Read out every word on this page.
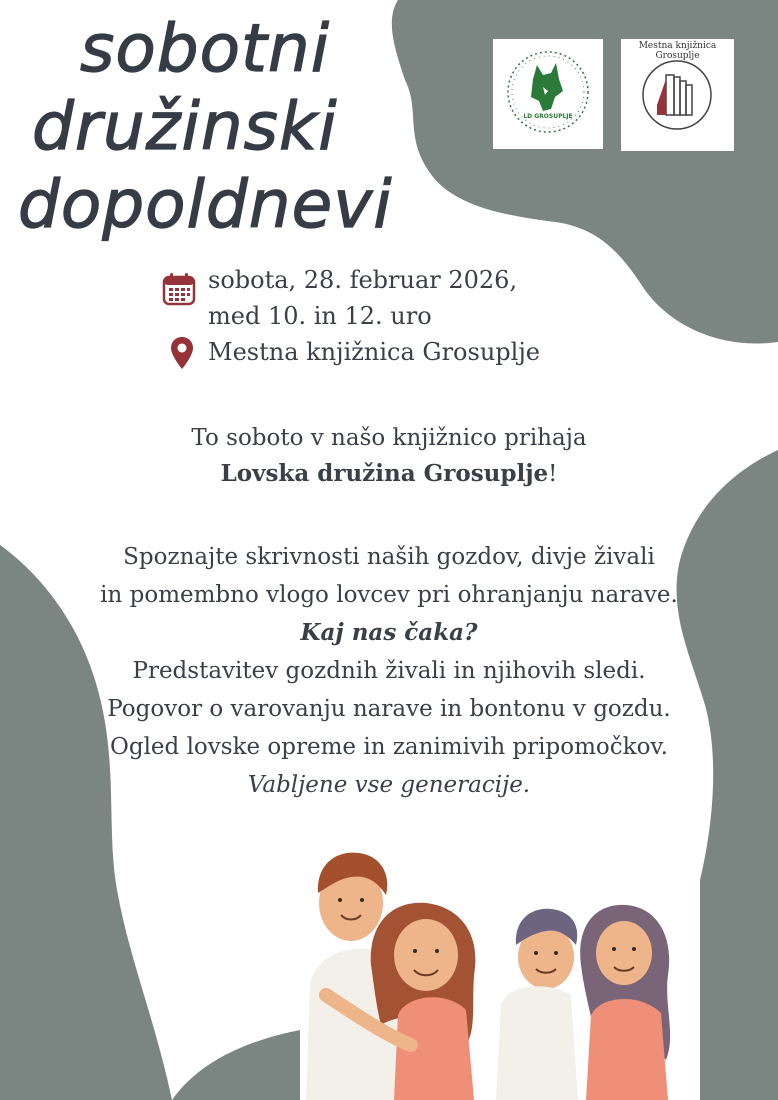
sobotni
družinski
dopoldnevi
LD GROSUPLJE
Mestna knjižnica Grosuplje
sobota, 28. februar 2026,
med 10. in 12. uro
Mestna knjižnica Grosuplje
To soboto v našo knjižnico prihaja
Lovska družina Grosuplje!
Spoznajte skrivnosti naših gozdov, divje živali
in pomembno vlogo lovcev pri ohranjanju narave.
Kaj nas čaka?
Predstavitev gozdnih živali in njihovih sledi.
Pogovor o varovanju narave in bontonu v gozdu.
Ogled lovske opreme in zanimivih pripomočkov.
Vabljene vse generacije.
